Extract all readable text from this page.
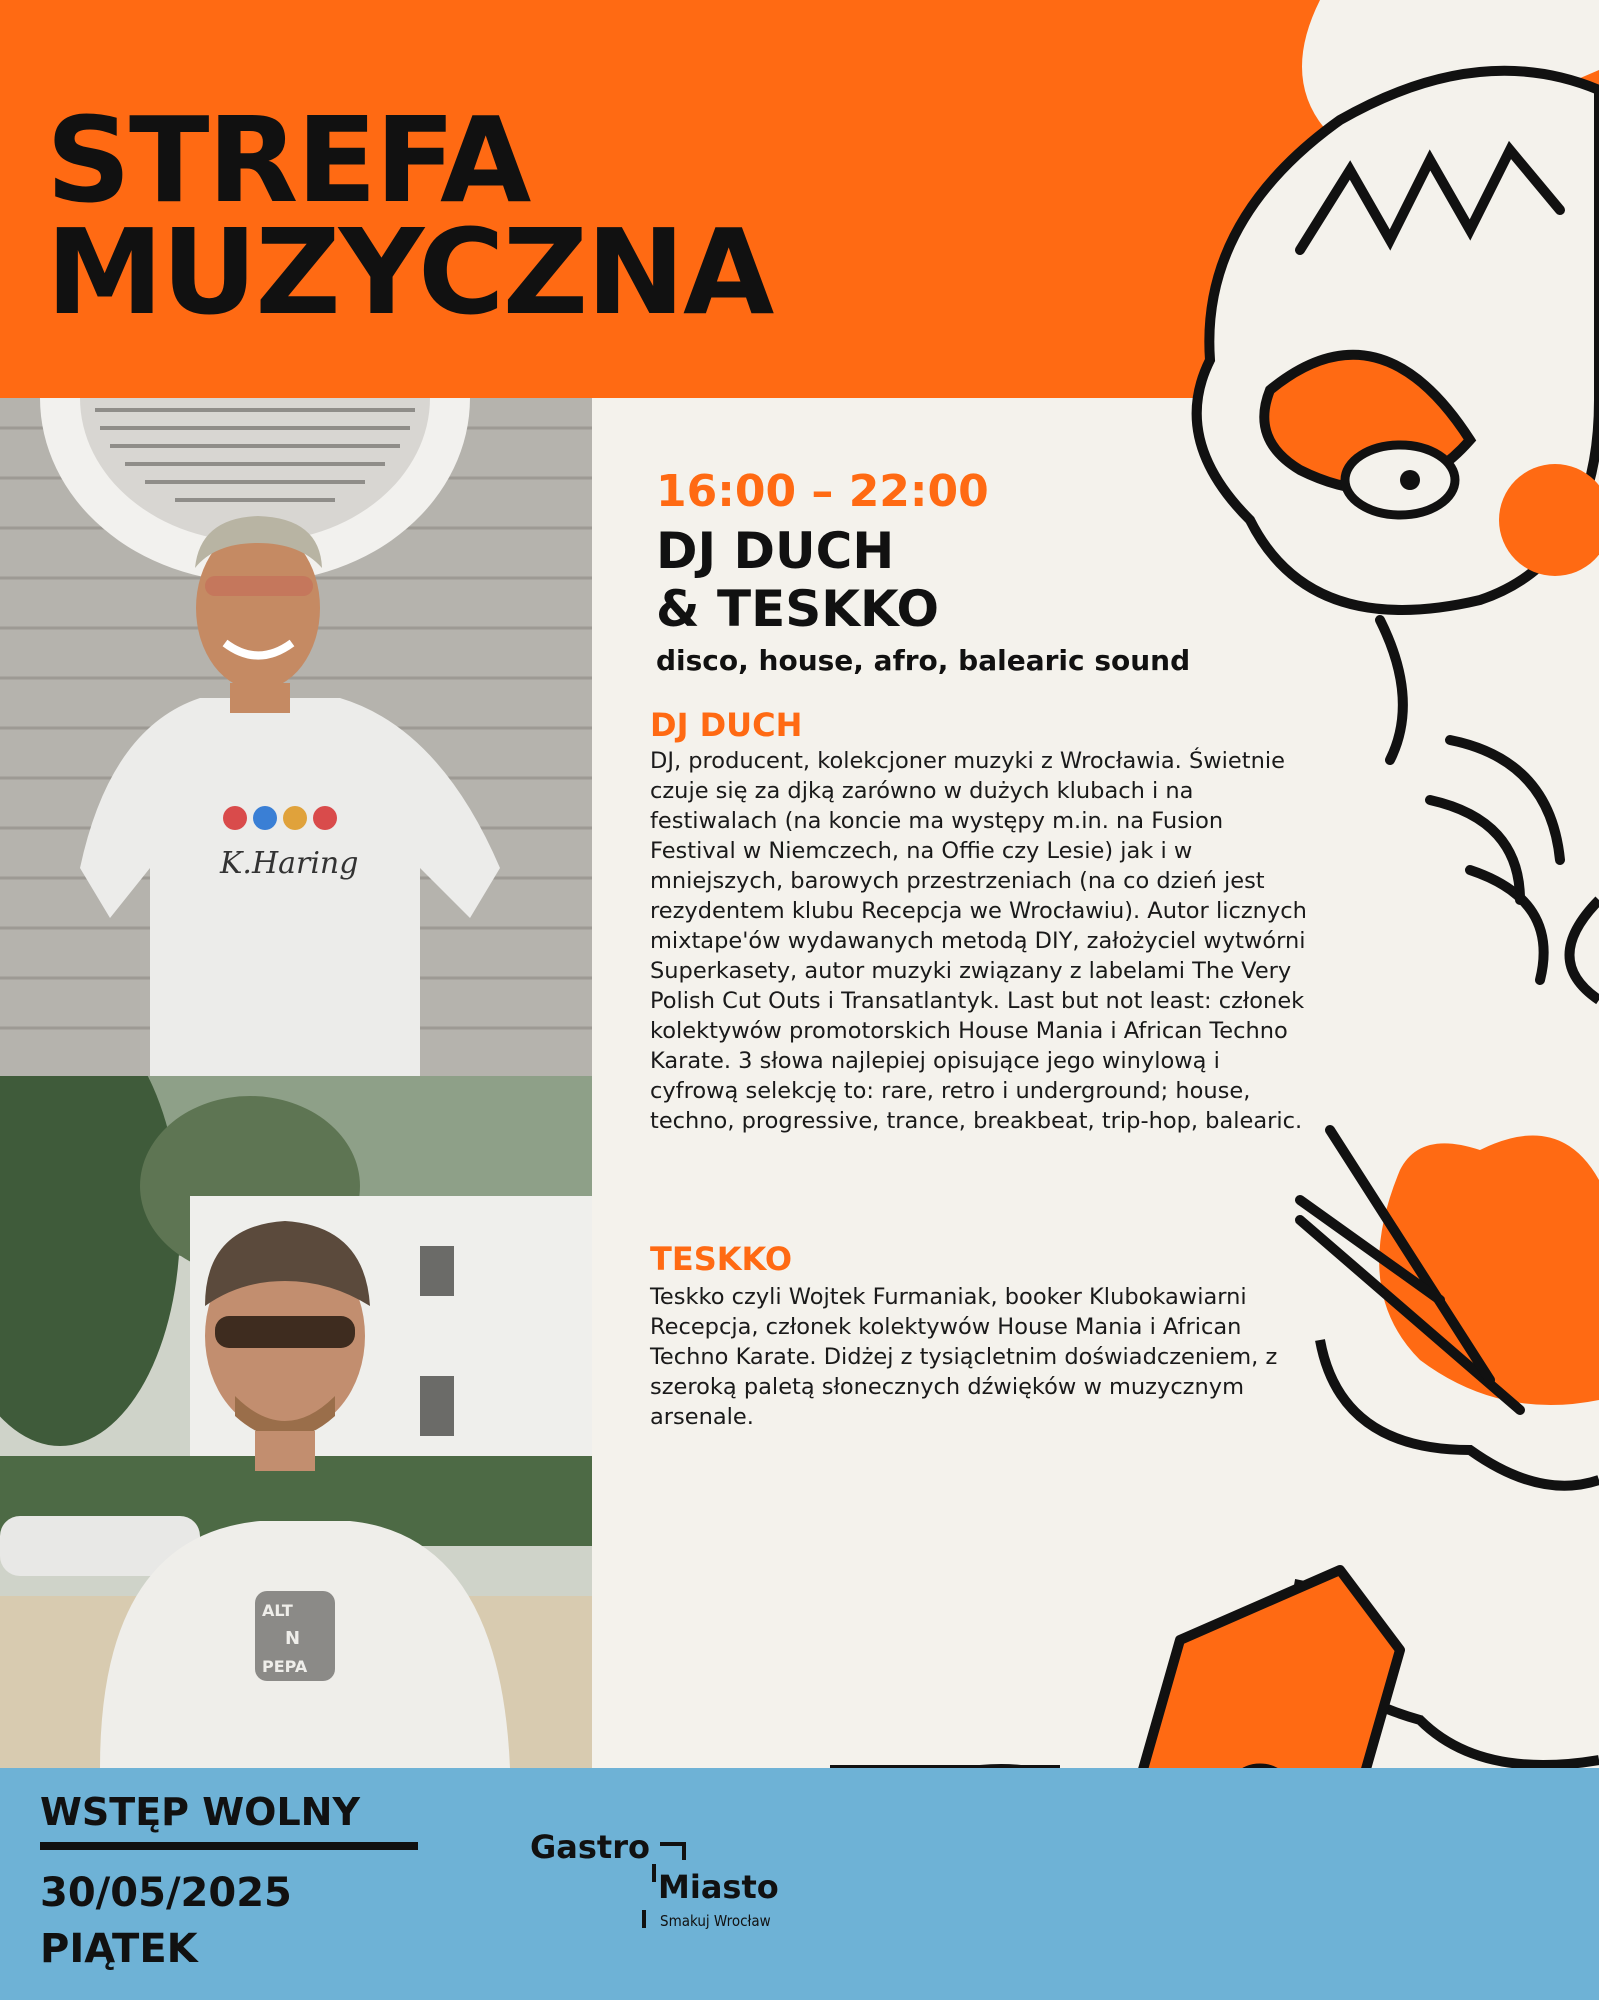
STREFA
MUZYCZNA
K.Haring
ALT
N
PEPA
16:00 – 22:00
DJ DUCH
& TESKKO
disco, house, afro, balearic sound
DJ DUCH

DJ, producent, kolekcjoner muzyki z Wrocławia. Świetnie czuje się za djką zarówno w dużych klubach i na festiwalach (na koncie ma występy m.in. na Fusion Festival w Niemczech, na Offie czy Lesie) jak i w mniejszych, barowych przestrzeniach (na co dzień jest rezydentem klubu Recepcja we Wrocławiu). Autor licznych mixtape'ów wydawanych metodą DIY, założyciel wytwórni Superkasety, autor muzyki związany z labelami The Very Polish Cut Outs i Transatlantyk. Last but not least: członek kolektywów promotorskich House Mania i African Techno Karate. 3 słowa najlepiej opisujące jego winylową i cyfrową selekcję to: rare, retro i underground; house, techno, progressive, trance, breakbeat, trip-hop, balearic.

TESKKO

Teskko czyli Wojtek Furmaniak, booker Klubokawiarni Recepcja, członek kolektywów House Mania i African Techno Karate. Didżej z tysiącletnim doświadczeniem, z szeroką paletą słonecznych dźwięków w muzycznym arsenale.

WSTĘP WOLNY
30/05/2025
PIĄTEK
Gastro
Miasto
Smakuj Wrocław
